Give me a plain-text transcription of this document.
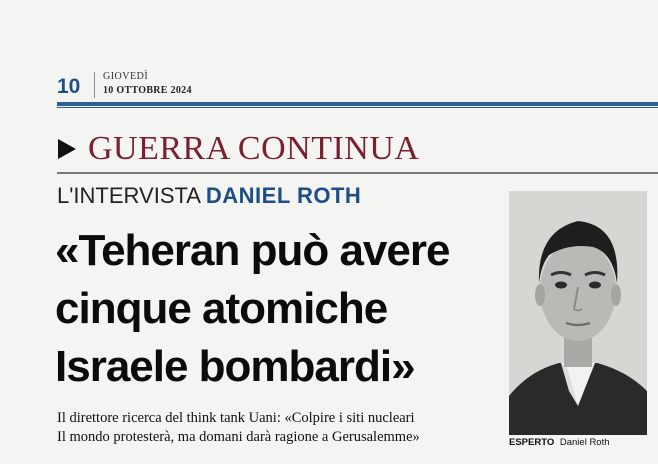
10 GIOVEDÌ
10 OTTOBRE 2024
GUERRA CONTINUA
L'INTERVISTA DANIEL ROTH
«Teheran può avere
cinque atomiche
Israele bombardi»
Il direttore ricerca del think tank Uani: «Colpire i siti nucleari
Il mondo protesterà, ma domani darà ragione a Gerusalemme»	ESPERTO Daniel Roth
